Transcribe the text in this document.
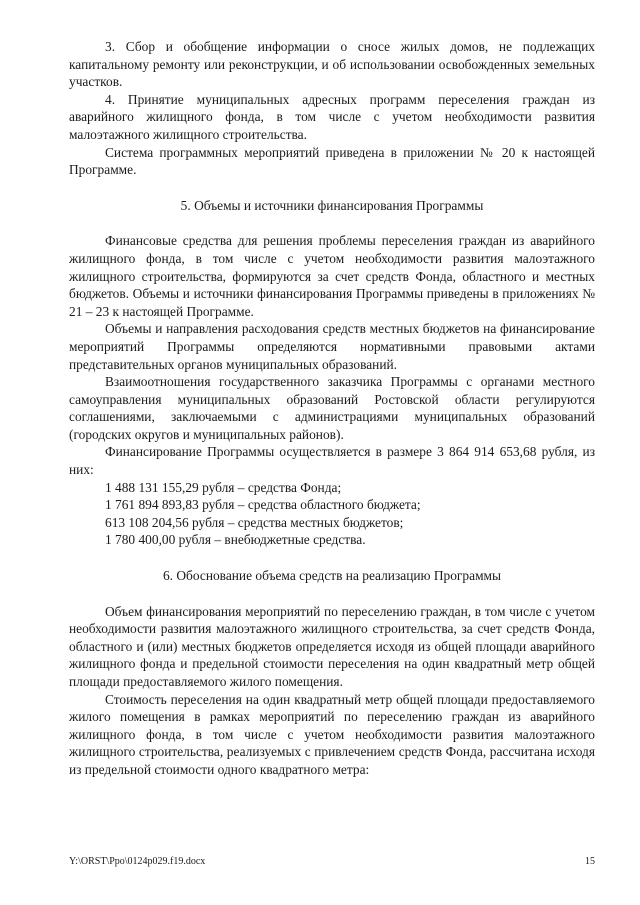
3. Сбор и обобщение информации о сносе жилых домов, не подлежащих капитальному ремонту или реконструкции, и об использовании освобожденных земельных участков.

4. Принятие муниципальных адресных программ переселения граждан из аварийного жилищного фонда, в том числе с учетом необходимости развития малоэтажного жилищного строительства.

Система программных мероприятий приведена в приложении № 20 к настоящей Программе.

5. Объемы и источники финансирования Программы

Финансовые средства для решения проблемы переселения граждан из аварийного жилищного фонда, в том числе с учетом необходимости развития малоэтажного жилищного строительства, формируются за счет средств Фонда, областного и местных бюджетов. Объемы и источники финансирования Программы приведены в приложениях № 21 – 23 к настоящей Программе.

Объемы и направления расходования средств местных бюджетов на финансирование мероприятий Программы определяются нормативными правовыми актами представительных органов муниципальных образований.

Взаимоотношения государственного заказчика Программы с органами местного самоуправления муниципальных образований Ростовской области регулируются соглашениями, заключаемыми с администрациями муниципальных образований (городских округов и муниципальных районов).

Финансирование Программы осуществляется в размере 3 864 914 653,68 рубля, из них:

1 488 131 155,29 рубля – средства Фонда;

1 761 894 893,83 рубля – средства областного бюджета;

613 108 204,56 рубля – средства местных бюджетов;

1 780 400,00 рубля – внебюджетные средства.

6. Обоснование объема средств на реализацию Программы

Объем финансирования мероприятий по переселению граждан, в том числе с учетом необходимости развития малоэтажного жилищного строительства, за счет средств Фонда, областного и (или) местных бюджетов определяется исходя из общей площади аварийного жилищного фонда и предельной стоимости переселения на один квадратный метр общей площади предоставляемого жилого помещения.

Стоимость переселения на один квадратный метр общей площади предоставляемого жилого помещения в рамках мероприятий по переселению граждан из аварийного жилищного фонда, в том числе с учетом необходимости развития малоэтажного жилищного строительства, реализуемых с привлечением средств Фонда, рассчитана исходя из предельной стоимости одного квадратного метра:

Y:\ORST\Ppo\0124p029.f19.docx	15
